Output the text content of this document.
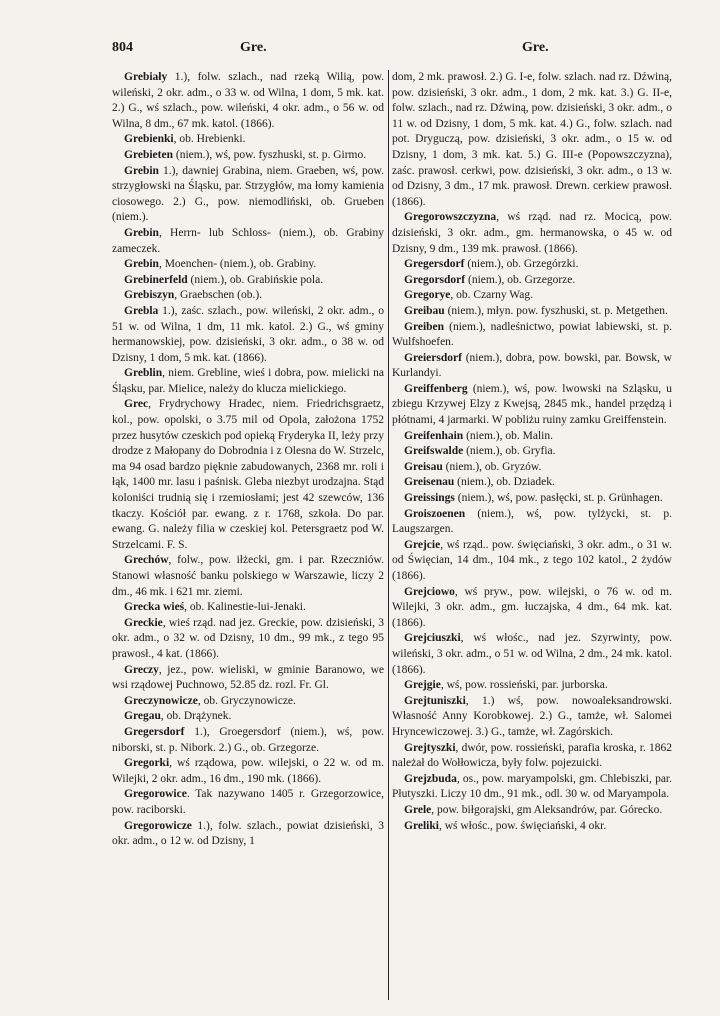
804	Gre.	Gre.

Grebiały 1.), folw. szlach., nad rzeką Wilią, pow. wileński, 2 okr. adm., o 33 w. od Wilna, 1 dom, 5 mk. kat. 2.) G., wś szlach., pow. wileński, 4 okr. adm., o 56 w. od Wilna, 8 dm., 67 mk. katol. (1866).

Grebienki, ob. Hrebienki.

Grebieten (niem.), wś, pow. fyszhuski, st. p. Girmo.

Grebin 1.), dawniej Grabina, niem. Graeben, wś, pow. strzygłowski na Śląsku, par. Strzygłów, ma łomy kamienia ciosowego. 2.) G., pow. niemodliński, ob. Grueben (niem.).

Grebin, Herrn- lub Schloss- (niem.), ob. Grabiny zameczek.

Grebin, Moenchen- (niem.), ob. Grabiny.

Grebinerfeld (niem.), ob. Grabińskie pola.

Grebiszyn, Graebschen (ob.).

Grebla 1.), zaśc. szlach., pow. wileński, 2 okr. adm., o 51 w. od Wilna, 1 dm, 11 mk. katol. 2.) G., wś gminy hermanowskiej, pow. dzisieński, 3 okr. adm., o 38 w. od Dzisny, 1 dom, 5 mk. kat. (1866).

Greblin, niem. Grebline, wieś i dobra, pow. mielicki na Śląsku, par. Mielice, należy do klucza mielickiego.

Grec, Frydrychowy Hradec, niem. Friedrichsgraetz, kol., pow. opolski, o 3.75 mil od Opola, założona 1752 przez husytów czeskich pod opieką Fryderyka II, leży przy drodze z Małopany do Dobrodnia i z Olesna do W. Strzelc, ma 94 osad bardzo pięknie zabudowanych, 2368 mr. roli i łąk, 1400 mr. lasu i paśnisk. Gleba niezbyt urodzajna. Stąd koloniści trudnią się i rzemiosłami; jest 42 szewców, 136 tkaczy. Kościół par. ewang. z r. 1768, szkoła. Do par. ewang. G. należy filia w czeskiej kol. Petersgraetz pod W. Strzelcami. F. S.

Grechów, folw., pow. iłżecki, gm. i par. Rzeczniów. Stanowi własność banku polskiego w Warszawie, liczy 2 dm., 46 mk. i 621 mr. ziemi.

Grecka wieś, ob. Kalinestie-lui-Jenaki.

Greckie, wieś rząd. nad jez. Greckie, pow. dzisieński, 3 okr. adm., o 32 w. od Dzisny, 10 dm., 99 mk., z tego 95 prawosł., 4 kat. (1866).

Greczy, jez., pow. wieliski, w gminie Baranowo, we wsi rządowej Puchnowo, 52.85 dz. rozl. Fr. Gl.

Greczynowicze, ob. Gryczynowicze.

Gregau, ob. Drążynek.

Gregersdorf 1.), Groegersdorf (niem.), wś, pow. niborski, st. p. Nibork. 2.) G., ob. Grzegorze.

Gregorki, wś rządowa, pow. wilejski, o 22 w. od m. Wilejki, 2 okr. adm., 16 dm., 190 mk. (1866).

Gregorowice. Tak nazywano 1405 r. Grzegorzowice, pow. raciborski.

Gregorowicze 1.), folw. szlach., powiat dzisieński, 3 okr. adm., o 12 w. od Dzisny, 1

dom, 2 mk. prawosł. 2.) G. I-e, folw. szlach. nad rz. Dźwiną, pow. dzisieński, 3 okr. adm., 1 dom, 2 mk. kat. 3.) G. II-e, folw. szlach., nad rz. Dźwiną, pow. dzisieński, 3 okr. adm., o 11 w. od Dzisny, 1 dom, 5 mk. kat. 4.) G., folw. szlach. nad pot. Dryguczą, pow. dzisieński, 3 okr. adm., o 15 w. od Dzisny, 1 dom, 3 mk. kat. 5.) G. III-e (Popowszczyzna), zaśc. prawosł. cerkwi, pow. dzisieński, 3 okr. adm., o 13 w. od Dzisny, 3 dm., 17 mk. prawosł. Drewn. cerkiew prawosł. (1866).

Gregorowszczyzna, wś rząd. nad rz. Mocicą, pow. dzisieński, 3 okr. adm., gm. hermanowska, o 45 w. od Dzisny, 9 dm., 139 mk. prawosł. (1866).

Gregersdorf (niem.), ob. Grzegórzki.

Gregorsdorf (niem.), ob. Grzegorze.

Gregorye, ob. Czarny Wag.

Greibau (niem.), młyn. pow. fyszhuski, st. p. Metgethen.

Greiben (niem.), nadleśnictwo, powiat labiewski, st. p. Wulfshoefen.

Greiersdorf (niem.), dobra, pow. bowski, par. Bowsk, w Kurlandyi.

Greiffenberg (niem.), wś, pow. lwowski na Szląsku, u zbiegu Krzywej Elzy z Kwejsą, 2845 mk., handel przędzą i płótnami, 4 jarmarki. W pobliżu ruiny zamku Greiffenstein.

Greifenhain (niem.), ob. Malin.

Greifswalde (niem.), ob. Gryfia.

Greisau (niem.), ob. Gryzów.

Greisenau (niem.), ob. Dziadek.

Greissings (niem.), wś, pow. pasłęcki, st. p. Grünhagen.

Groiszoenen (niem.), wś, pow. tylżycki, st. p. Laugszargen.

Grejcie, wś rząd.. pow. święciański, 3 okr. adm., o 31 w. od Święcian, 14 dm., 104 mk., z tego 102 katol., 2 żydów (1866).

Grejciowo, wś pryw., pow. wilejski, o 76 w. od m. Wilejki, 3 okr. adm., gm. łuczajska, 4 dm., 64 mk. kat. (1866).

Grejciuszki, wś włośc., nad jez. Szyrwinty, pow. wileński, 3 okr. adm., o 51 w. od Wilna, 2 dm., 24 mk. katol. (1866).

Grejgie, wś, pow. rossieński, par. jurborska.

Grejtuniszki, 1.) wś, pow. nowoaleksandrowski. Własność Anny Korobkowej. 2.) G., tamże, wł. Salomei Hryncewiczowej. 3.) G., tamże, wł. Zagórskich.

Grejtyszki, dwór, pow. rossieński, parafia kroska, r. 1862 należał do Wołłowicza, były folw. pojezuicki.

Grejzbuda, os., pow. maryampolski, gm. Chlebiszki, par. Płutyszki. Liczy 10 dm., 91 mk., odl. 30 w. od Maryampola.

Grele, pow. biłgorajski, gm Aleksandrów, par. Górecko.

Greliki, wś włośc., pow. święciański, 4 okr.
